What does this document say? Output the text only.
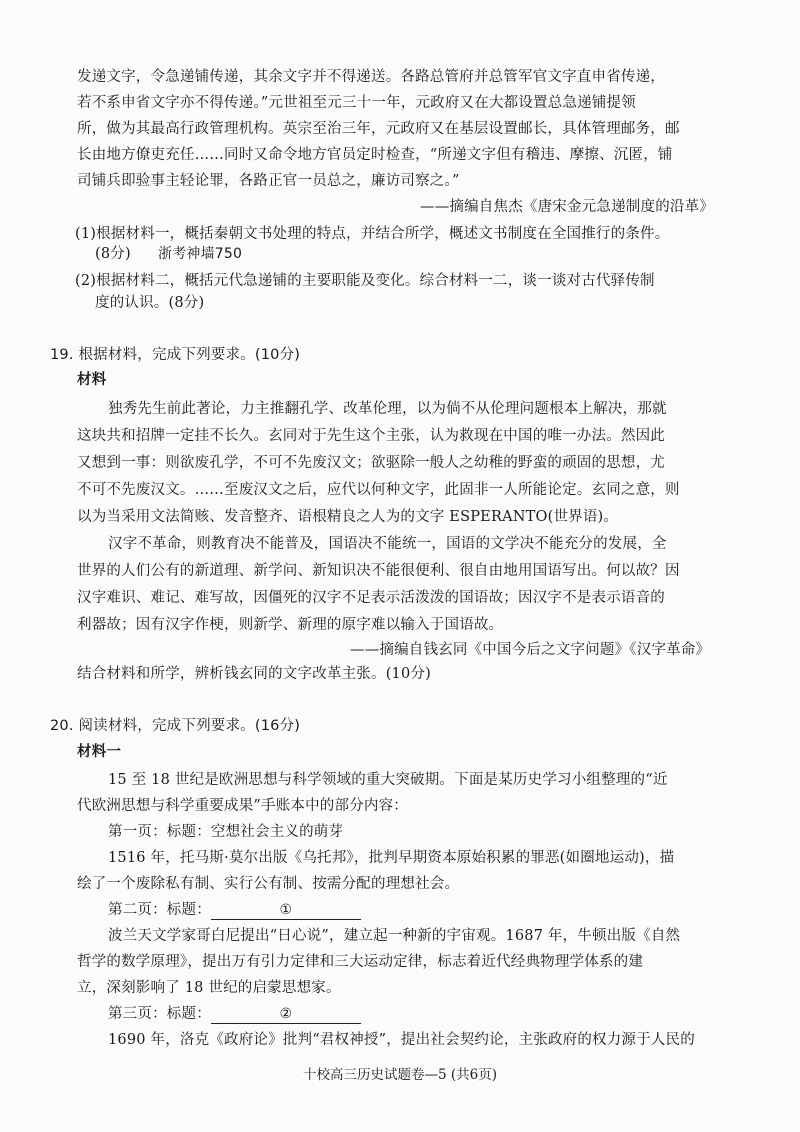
发递文字，令急递铺传递，其余文字并不得递送。各路总管府并总管军官文字直申省传递，
若不系申省文字亦不得传递。”元世祖至元三十一年，元政府又在大都设置总急递铺提领
所，做为其最高行政管理机构。英宗至治三年，元政府又在基层设置邮长，具体管理邮务，邮
长由地方僚吏充任……同时又命令地方官员定时检查，“所递文字但有稽违、摩擦、沉匿，铺
司铺兵即验事主轻论罪，各路正官一员总之，廉访司察之。”
——摘编自焦杰《唐宋金元急递制度的沿革》
(1)根据材料一，概括秦朝文书处理的特点，并结合所学，概述文书制度在全国推行的条件。
(8分) 浙考神墙750
(2)根据材料二，概括元代急递铺的主要职能及变化。综合材料一二，谈一谈对古代驿传制
度的认识。(8分)
19. 根据材料，完成下列要求。(10分)
材料
独秀先生前此著论，力主推翻孔学、改革伦理，以为倘不从伦理问题根本上解决，那就
这块共和招牌一定挂不长久。玄同对于先生这个主张，认为救现在中国的唯一办法。然因此
又想到一事：则欲废孔学，不可不先废汉文；欲驱除一般人之幼稚的野蛮的顽固的思想，尤
不可不先废汉文。……至废汉文之后，应代以何种文字，此固非一人所能论定。玄同之意，则
以为当采用文法简赅、发音整齐、语根精良之人为的文字 ESPERANTO(世界语)。
汉字不革命，则教育决不能普及，国语决不能统一，国语的文学决不能充分的发展，全
世界的人们公有的新道理、新学问、新知识决不能很便利、很自由地用国语写出。何以故？因
汉字难识、难记、难写故，因僵死的汉字不足表示活泼泼的国语故；因汉字不是表示语音的
利器故；因有汉字作梗，则新学、新理的原字难以输入于国语故。
——摘编自钱玄同《中国今后之文字问题》《汉字革命》
结合材料和所学，辨析钱玄同的文字改革主张。(10分)
20. 阅读材料，完成下列要求。(16分)
材料一
15 至 18 世纪是欧洲思想与科学领域的重大突破期。下面是某历史学习小组整理的“近
代欧洲思想与科学重要成果”手账本中的部分内容：
第一页：标题：空想社会主义的萌芽
1516 年，托马斯·莫尔出版《乌托邦》，批判早期资本原始积累的罪恶(如圈地运动)，描
绘了一个废除私有制、实行公有制、按需分配的理想社会。
第二页：标题：	①
波兰天文学家哥白尼提出“日心说”，建立起一种新的宇宙观。1687 年，牛顿出版《自然
哲学的数学原理》，提出万有引力定律和三大运动定律，标志着近代经典物理学体系的建
立，深刻影响了 18 世纪的启蒙思想家。
第三页：标题：	②
1690 年，洛克《政府论》批判“君权神授”，提出社会契约论，主张政府的权力源于人民的
十校高三历史试题卷—5 (共6页)
